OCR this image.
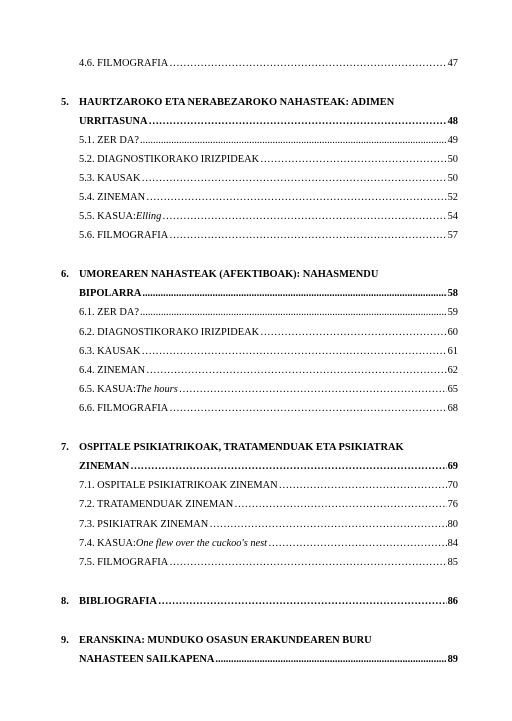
4.6. FILMOGRAFIA ……………………………………………………………………………………………………………………………………………………………………………………	47
5. HAURTZAROKO ETA NERABEZAROKO NAHASTEAK: ADIMEN
URRITASUNA ……………………………………………………………………………………………………………………………………………………………………………………	48
5.1. ZER DA? .....	49
5.2. DIAGNOSTIKORAKO IRIZPIDEAK ……………………………………………………………………………………………………………………………………………………………………………………	50
5.3. KAUSAK ……………………………………………………………………………………………………………………………………………………………………………………	50
5.4. ZINEMAN ……………………………………………………………………………………………………………………………………………………………………………………	52
5.5. KASUA: Elling ……………………………………………………………………………………………………………………………………………………………………………………	54
5.6. FILMOGRAFIA ……………………………………………………………………………………………………………………………………………………………………………………	57
6. UMOREAREN NAHASTEAK (AFEKTIBOAK): NAHASMENDU
BIPOLARRA .....	58
6.1. ZER DA? .....	59
6.2. DIAGNOSTIKORAKO IRIZPIDEAK ……………………………………………………………………………………………………………………………………………………………………………………	60
6.3. KAUSAK ……………………………………………………………………………………………………………………………………………………………………………………	61
6.4. ZINEMAN ……………………………………………………………………………………………………………………………………………………………………………………	62
6.5. KASUA: The hours ……………………………………………………………………………………………………………………………………………………………………………………	65
6.6. FILMOGRAFIA ……………………………………………………………………………………………………………………………………………………………………………………	68
7. OSPITALE PSIKIATRIKOAK, TRATAMENDUAK ETA PSIKIATRAK
ZINEMAN ……………………………………………………………………………………………………………………………………………………………………………………	69
7.1. OSPITALE PSIKIATRIKOAK ZINEMAN ……………………………………………………………………………………………………………………………………………………………………………………	70
7.2. TRATAMENDUAK ZINEMAN ……………………………………………………………………………………………………………………………………………………………………………………	76
7.3. PSIKIATRAK ZINEMAN ……………………………………………………………………………………………………………………………………………………………………………………	80
7.4. KASUA: One flew over the cuckoo's nest ……………………………………………………………………………………………………………………………………………………………………………………	84
7.5. FILMOGRAFIA ……………………………………………………………………………………………………………………………………………………………………………………	85
8. BIBLIOGRAFIA ……………………………………………………………………………………………………………………………………………………………………………………	86
9. ERANSKINA: MUNDUKO OSASUN ERAKUNDEAREN BURU
NAHASTEEN SAILKAPENA .....	89
